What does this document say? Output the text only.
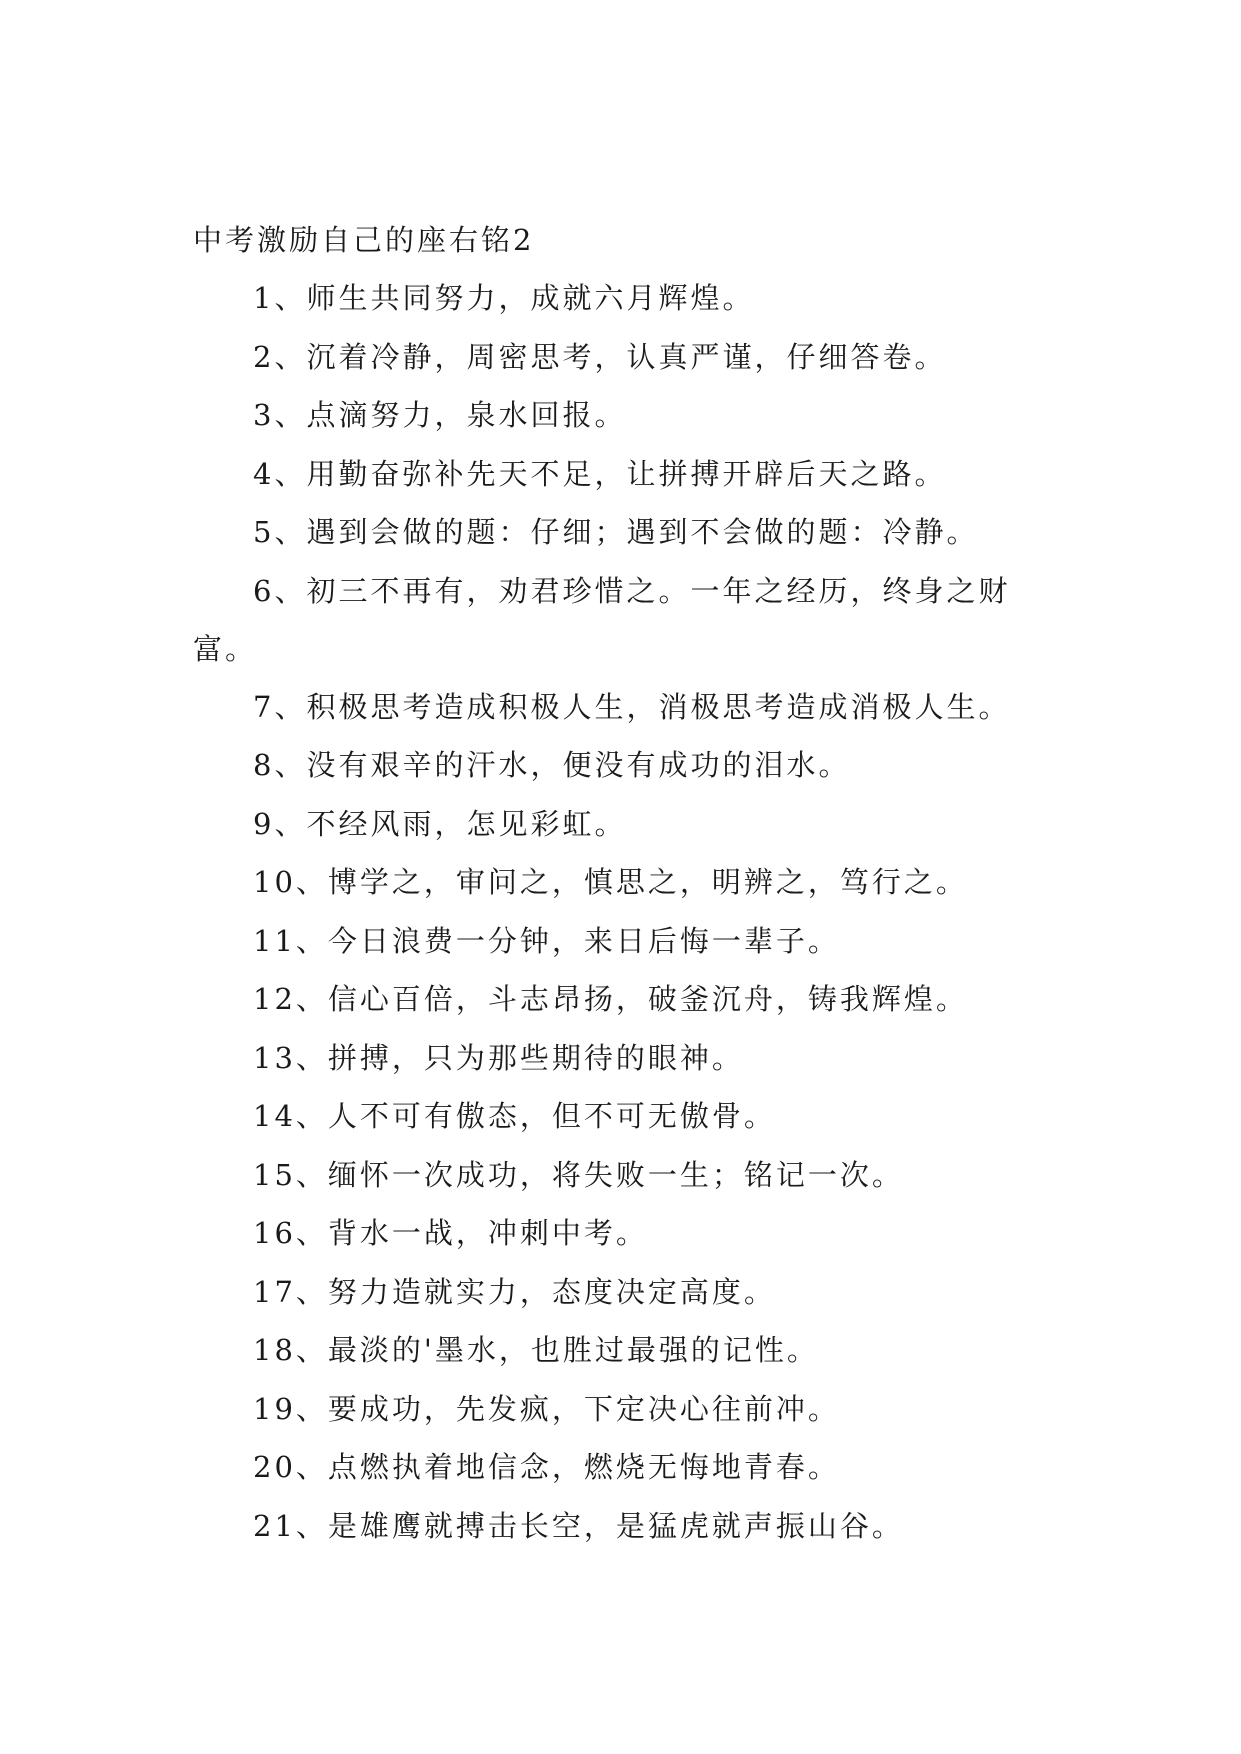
中考激励自己的座右铭2

1、师生共同努力，成就六月辉煌。

2、沉着冷静，周密思考，认真严谨，仔细答卷。

3、点滴努力，泉水回报。

4、用勤奋弥补先天不足，让拼搏开辟后天之路。

5、遇到会做的题：仔细；遇到不会做的题：冷静。

6、初三不再有，劝君珍惜之。一年之经历，终身之财富。

7、积极思考造成积极人生，消极思考造成消极人生。

8、没有艰辛的汗水，便没有成功的泪水。

9、不经风雨，怎见彩虹。

10、博学之，审问之，慎思之，明辨之，笃行之。

11、今日浪费一分钟，来日后悔一辈子。

12、信心百倍，斗志昂扬，破釜沉舟，铸我辉煌。

13、拼搏，只为那些期待的眼神。

14、人不可有傲态，但不可无傲骨。

15、缅怀一次成功，将失败一生；铭记一次。

16、背水一战，冲刺中考。

17、努力造就实力，态度决定高度。

18、最淡的'墨水，也胜过最强的记性。

19、要成功，先发疯，下定决心往前冲。

20、点燃执着地信念，燃烧无悔地青春。

21、是雄鹰就搏击长空，是猛虎就声振山谷。
